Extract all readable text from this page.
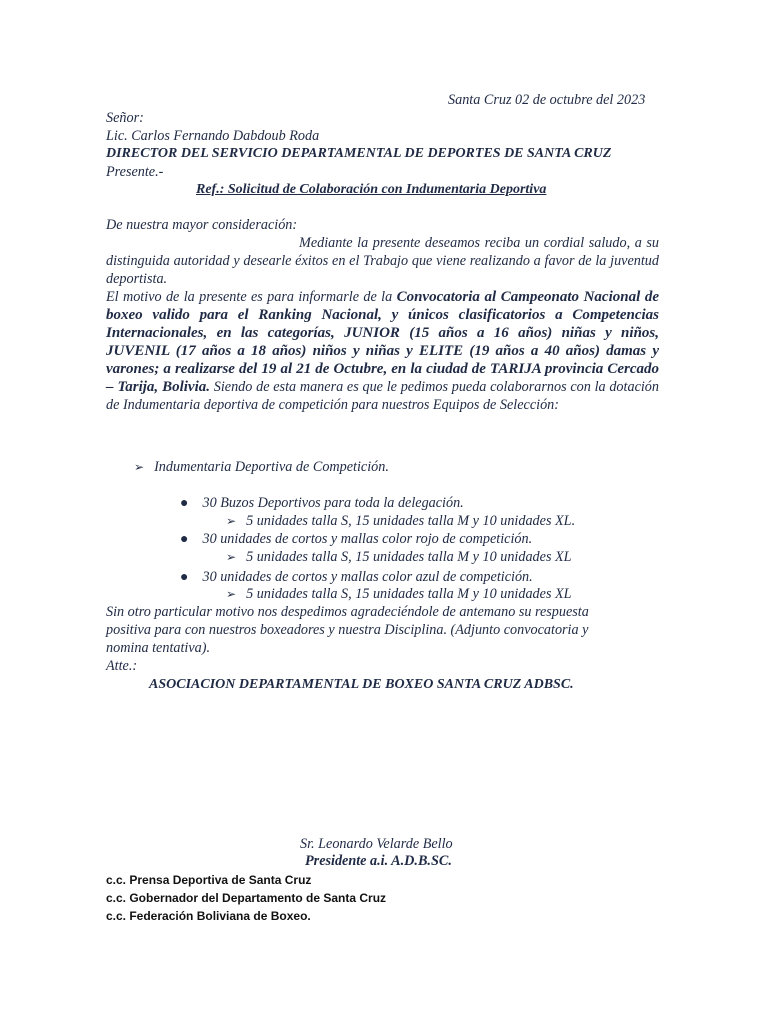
Santa Cruz 02 de octubre del 2023
Señor:
Lic. Carlos Fernando Dabdoub Roda
DIRECTOR DEL SERVICIO DEPARTAMENTAL DE DEPORTES DE SANTA CRUZ
Presente.-
Ref.: Solicitud de Colaboración con Indumentaria Deportiva
De nuestra mayor consideración:
Mediante la presente deseamos reciba un cordial saludo, a su distinguida autoridad y desearle éxitos en el Trabajo que viene realizando a favor de la juventud deportista.
El motivo de la presente es para informarle de la Convocatoria al Campeonato Nacional de boxeo valido para el Ranking Nacional, y únicos clasificatorios a Competencias Internacionales, en las categorías, JUNIOR (15 años a 16 años) niñas y niños, JUVENIL (17 años a 18 años) niños y niñas y ELITE (19 años a 40 años) damas y varones; a realizarse del 19 al 21 de Octubre, en la ciudad de TARIJA provincia Cercado – Tarija, Bolivia. Siendo de esta manera es que le pedimos pueda colaborarnos con la dotación de Indumentaria deportiva de competición para nuestros Equipos de Selección:
➢ Indumentaria Deportiva de Competición.
● 30 Buzos Deportivos para toda la delegación.
➢ 5 unidades talla S, 15 unidades talla M y 10 unidades XL.
● 30 unidades de cortos y mallas color rojo de competición.
➢ 5 unidades talla S, 15 unidades talla M y 10 unidades XL
● 30 unidades de cortos y mallas color azul de competición.
➢ 5 unidades talla S, 15 unidades talla M y 10 unidades XL
Sin otro particular motivo nos despedimos agradeciéndole de antemano su respuesta positiva para con nuestros boxeadores y nuestra Disciplina. (Adjunto convocatoria y nomina tentativa).
Atte.:
ASOCIACION DEPARTAMENTAL DE BOXEO SANTA CRUZ ADBSC.
Sr. Leonardo Velarde Bello
Presidente a.i. A.D.B.SC.
c.c. Prensa Deportiva de Santa Cruz
c.c. Gobernador del Departamento de Santa Cruz
c.c. Federación Boliviana de Boxeo.
